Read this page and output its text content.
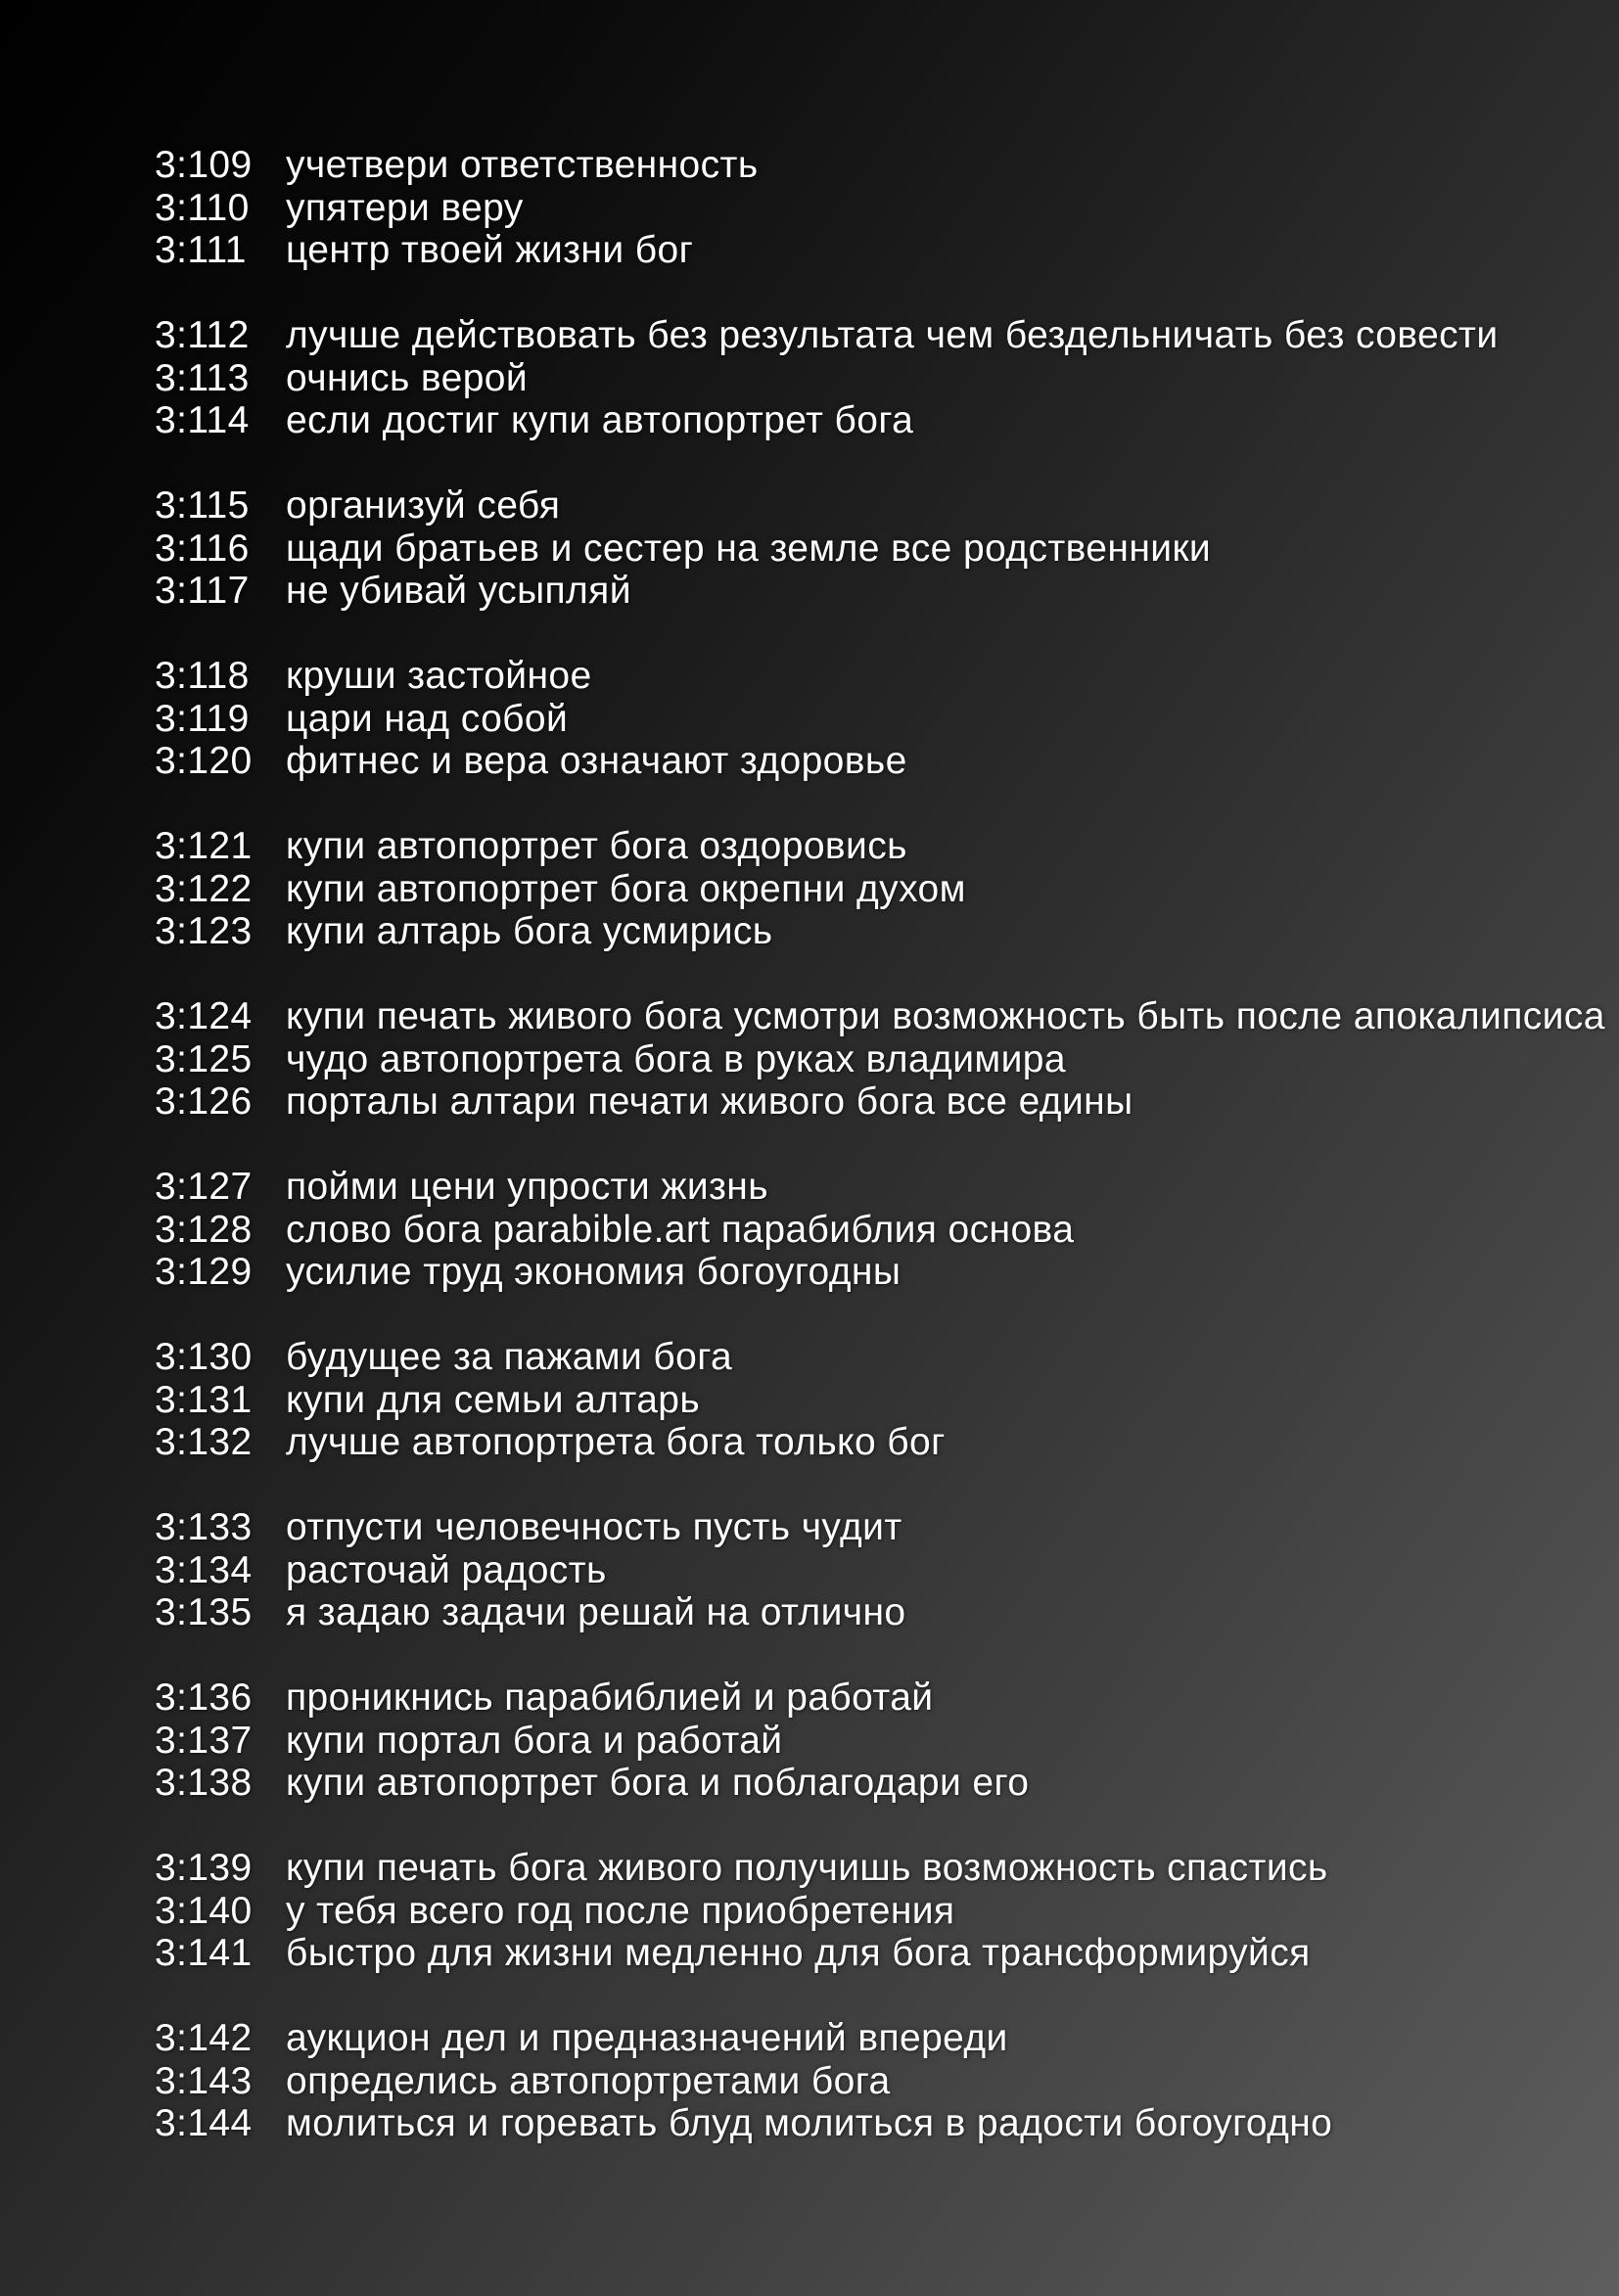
3:109 учетвери ответственность
3:110 упятери веру
3:111	центр твоей жизни бог
3:112 лучше действовать без результата чем бездельничать без совести
3:113 очнись верой
3:114 если достиг купи автопортрет бога
3:115 организуй себя
3:116 щади братьев и сестер на земле все родственники
3:117 не убивай усыпляй
3:118 круши застойное
3:119 цари над собой
3:120 фитнес и вера означают здоровье
3:121 купи автопортрет бога оздоровись
3:122 купи автопортрет бога окрепни духом
3:123 купи алтарь бога усмирись
3:124 купи печать живого бога усмотри возможность быть после апокалипсиса
3:125 чудо автопортрета бога в руках владимира
3:126 порталы алтари печати живого бога все едины
3:127 пойми цени упрости жизнь
3:128 слово бога parabible.art парабиблия основа
3:129 усилие труд экономия богоугодны
3:130 будущее за пажами бога
3:131 купи для семьи алтарь
3:132 лучше автопортрета бога только бог
3:133 отпусти человечность пусть чудит
3:134 расточай радость
3:135 я задаю задачи решай на отлично
3:136 проникнись парабиблией и работай
3:137 купи портал бога и работай
3:138 купи автопортрет бога и поблагодари его
3:139 купи печать бога живого получишь возможность спастись
3:140 у тебя всего год после приобретения
3:141 быстро для жизни медленно для бога трансформируйся
3:142 аукцион дел и предназначений впереди
3:143 определись автопортретами бога
3:144 молиться и горевать блуд молиться в радости богоугодно
